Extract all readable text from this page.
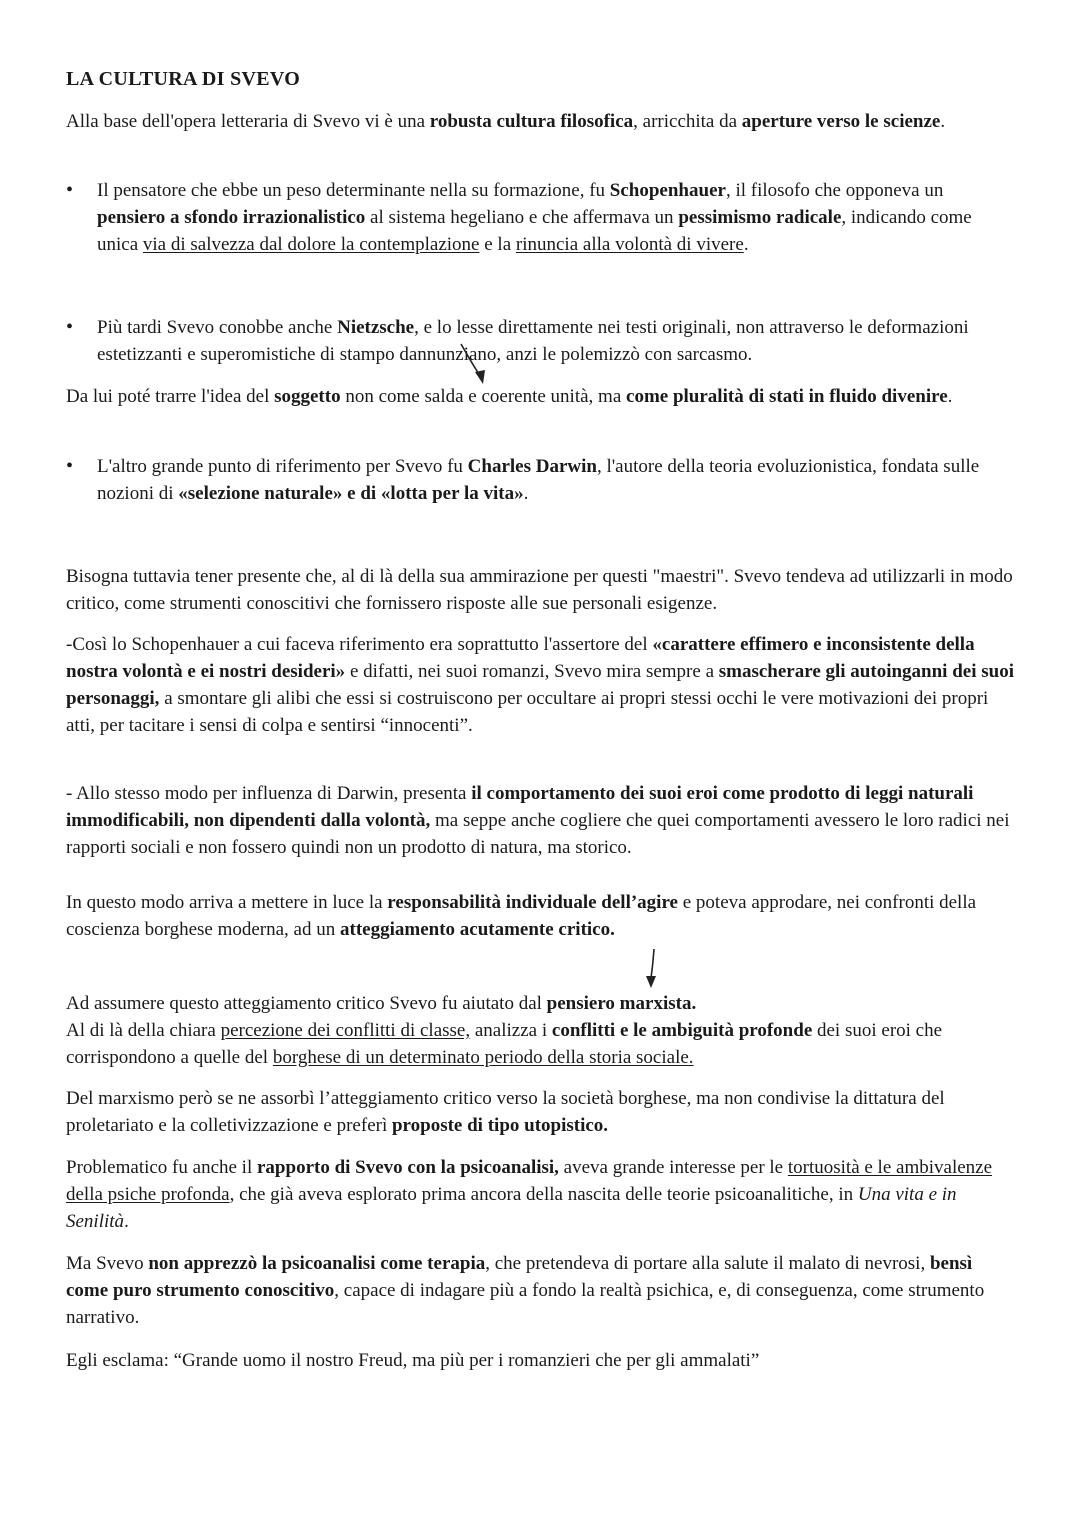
LA CULTURA DI SVEVO

Alla base dell'opera letteraria di Svevo vi è una robusta cultura filosofica, arricchita da aperture verso le scienze.

• Il pensatore che ebbe un peso determinante nella su formazione, fu Schopenhauer, il filosofo che opponeva un pensiero a sfondo irrazionalistico al sistema hegeliano e che affermava un pessimismo radicale, indicando come unica via di salvezza dal dolore la contemplazione e la rinuncia alla volontà di vivere.
• Più tardi Svevo conobbe anche Nietzsche, e lo lesse direttamente nei testi originali, non attraverso le deformazioni estetizzanti e superomistiche di stampo dannunziano, anzi le polemizzò con sarcasmo.

Da lui poté trarre l'idea del soggetto non come salda e coerente unità, ma come pluralità di stati in fluido divenire.

• L'altro grande punto di riferimento per Svevo fu Charles Darwin, l'autore della teoria evoluzionistica, fondata sulle nozioni di «selezione naturale» e di «lotta per la vita».

Bisogna tuttavia tener presente che, al di là della sua ammirazione per questi "maestri". Svevo tendeva ad utilizzarli in modo critico, come strumenti conoscitivi che fornissero risposte alle sue personali esigenze.

-Così lo Schopenhauer a cui faceva riferimento era soprattutto l'assertore del «carattere effimero e inconsistente della nostra volontà e ei nostri desideri» e difatti, nei suoi romanzi, Svevo mira sempre a smascherare gli autoinganni dei suoi personaggi, a smontare gli alibi che essi si costruiscono per occultare ai propri stessi occhi le vere motivazioni dei propri atti, per tacitare i sensi di colpa e sentirsi “innocenti”.

- Allo stesso modo per influenza di Darwin, presenta il comportamento dei suoi eroi come prodotto di leggi naturali immodificabili, non dipendenti dalla volontà, ma seppe anche cogliere che quei comportamenti avessero le loro radici nei rapporti sociali e non fossero quindi non un prodotto di natura, ma storico.

In questo modo arriva a mettere in luce la responsabilità individuale dell’agire e poteva approdare, nei confronti della coscienza borghese moderna, ad un atteggiamento acutamente critico.

Ad assumere questo atteggiamento critico Svevo fu aiutato dal pensiero marxista.

Al di là della chiara percezione dei conflitti di classe, analizza i conflitti e le ambiguità profonde dei suoi eroi che corrispondono a quelle del borghese di un determinato periodo della storia sociale.

Del marxismo però se ne assorbì l’atteggiamento critico verso la società borghese, ma non condivise la dittatura del proletariato e la colletivizzazione e preferì proposte di tipo utopistico.

Problematico fu anche il rapporto di Svevo con la psicoanalisi, aveva grande interesse per le tortuosità e le ambivalenze della psiche profonda, che già aveva esplorato prima ancora della nascita delle teorie psicoanalitiche, in Una vita e in Senilità.

Ma Svevo non apprezzò la psicoanalisi come terapia, che pretendeva di portare alla salute il malato di nevrosi, bensì come puro strumento conoscitivo, capace di indagare più a fondo la realtà psichica, e, di conseguenza, come strumento narrativo.

Egli esclama: “Grande uomo il nostro Freud, ma più per i romanzieri che per gli ammalati”
